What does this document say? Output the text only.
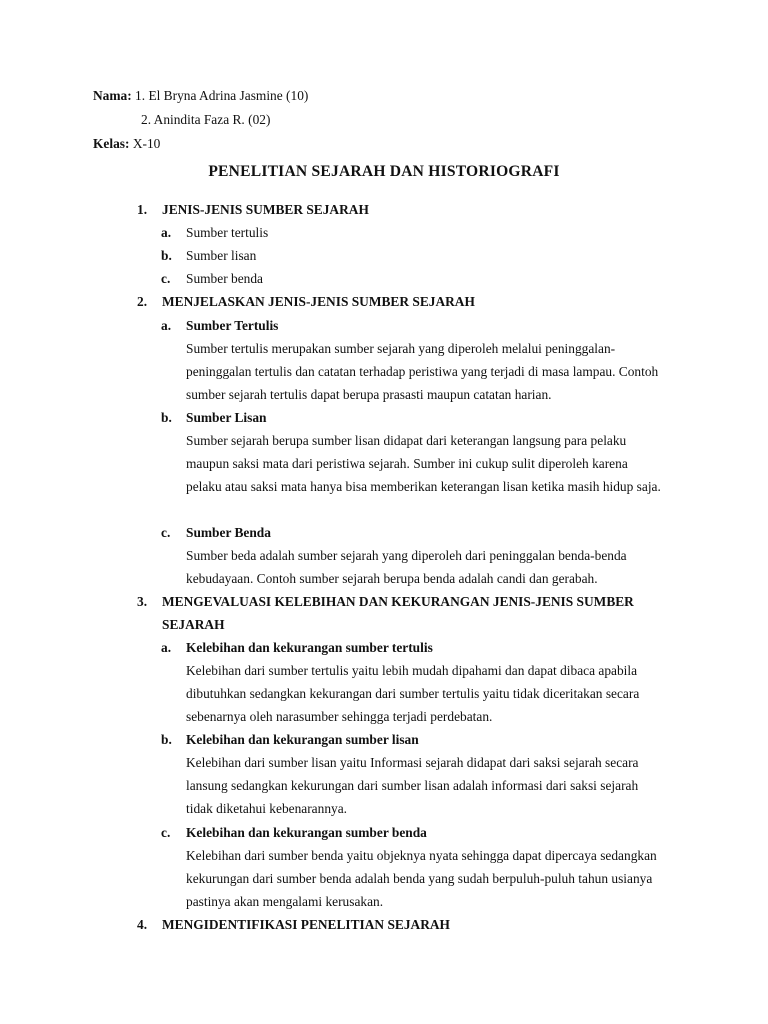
Nama: 1. El Bryna Adrina Jasmine (10)
2. Anindita Faza R. (02)
Kelas: X-10
PENELITIAN SEJARAH DAN HISTORIOGRAFI
1. JENIS-JENIS SUMBER SEJARAH
a. Sumber tertulis
b. Sumber lisan
c. Sumber benda
2. MENJELASKAN JENIS-JENIS SUMBER SEJARAH
a. Sumber Tertulis
Sumber tertulis merupakan sumber sejarah yang diperoleh melalui peninggalan-peninggalan tertulis dan catatan terhadap peristiwa yang terjadi di masa lampau. Contoh sumber sejarah tertulis dapat berupa prasasti maupun catatan harian.
b. Sumber Lisan
Sumber sejarah berupa sumber lisan didapat dari keterangan langsung para pelaku maupun saksi mata dari peristiwa sejarah. Sumber ini cukup sulit diperoleh karena pelaku atau saksi mata hanya bisa memberikan keterangan lisan ketika masih hidup saja.
c. Sumber Benda
Sumber beda adalah sumber sejarah yang diperoleh dari peninggalan benda-benda kebudayaan. Contoh sumber sejarah berupa benda adalah candi dan gerabah.
3. MENGEVALUASI KELEBIHAN DAN KEKURANGAN JENIS-JENIS SUMBER SEJARAH
a. Kelebihan dan kekurangan sumber tertulis
Kelebihan dari sumber tertulis yaitu lebih mudah dipahami dan dapat dibaca apabila dibutuhkan sedangkan kekurangan dari sumber tertulis yaitu tidak diceritakan secara sebenarnya oleh narasumber sehingga terjadi perdebatan.
b. Kelebihan dan kekurangan sumber lisan
Kelebihan dari sumber lisan yaitu Informasi sejarah didapat dari saksi sejarah secara lansung sedangkan kekurungan dari sumber lisan adalah informasi dari saksi sejarah tidak diketahui kebenarannya.
c. Kelebihan dan kekurangan sumber benda
Kelebihan dari sumber benda yaitu objeknya nyata sehingga dapat dipercaya sedangkan kekurungan dari sumber benda adalah benda yang sudah berpuluh-puluh tahun usianya pastinya akan mengalami kerusakan.
4. MENGIDENTIFIKASI PENELITIAN SEJARAH
